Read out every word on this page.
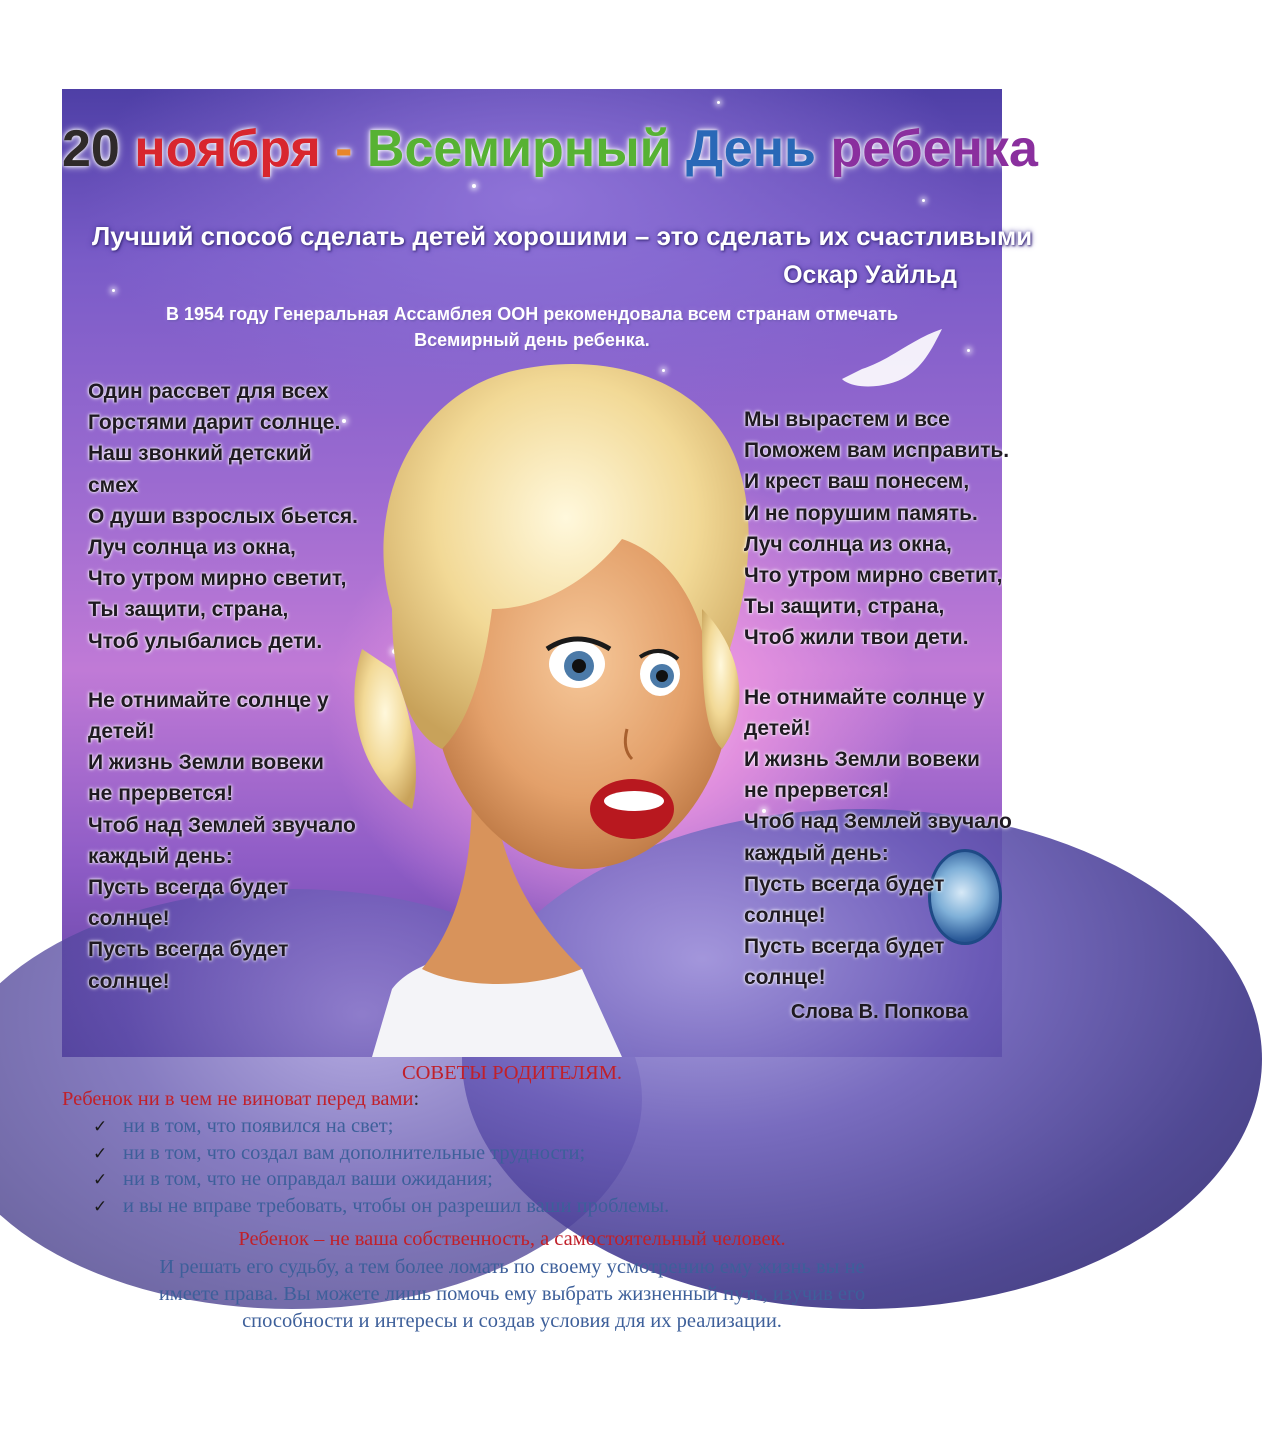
20 ноября - Всемирный День ребенка
Лучший способ сделать детей хорошими – это сделать их счастливыми
Оскар Уайльд
В 1954 году Генеральная Ассамблея ООН рекомендовала всем странам отмечать
Всемирный день ребенка.
Один рассвет для всех
Горстями дарит солнце.
Наш звонкий детский
смех
О души взрослых бьется.
Луч солнца из окна,
Что утром мирно светит,
Ты защити, страна,
Чтоб улыбались дети.
Не отнимайте солнце у
детей!
И жизнь Земли вовеки
не прервется!
Чтоб над Землей звучало
каждый день:
Пусть всегда будет
солнце!
Пусть всегда будет
солнце!
Мы вырастем и все
Поможем вам исправить.
И крест ваш понесем,
И не порушим память.
Луч солнца из окна,
Что утром мирно светит,
Ты защити, страна,
Чтоб жили твои дети.
Не отнимайте солнце у
детей!
И жизнь Земли вовеки
не прервется!
Чтоб над Землей звучало
каждый день:
Пусть всегда будет
солнце!
Пусть всегда будет
солнце!
Слова В. Попкова
СОВЕТЫ РОДИТЕЛЯМ.
Ребенок ни в чем не виноват перед вами:
✓ ни в том, что появился на свет;
✓ ни в том, что создал вам дополнительные трудности;
✓ ни в том, что не оправдал ваши ожидания;
✓ и вы не вправе требовать, чтобы он разрешил ваши проблемы.
Ребенок – не ваша собственность, а самостоятельный человек.
И решать его судьбу, а тем более ломать по своему усмотрению ему жизнь вы не
имеете права. Вы можете лишь помочь ему выбрать жизненный путь, изучив его
способности и интересы и создав условия для их реализации.
